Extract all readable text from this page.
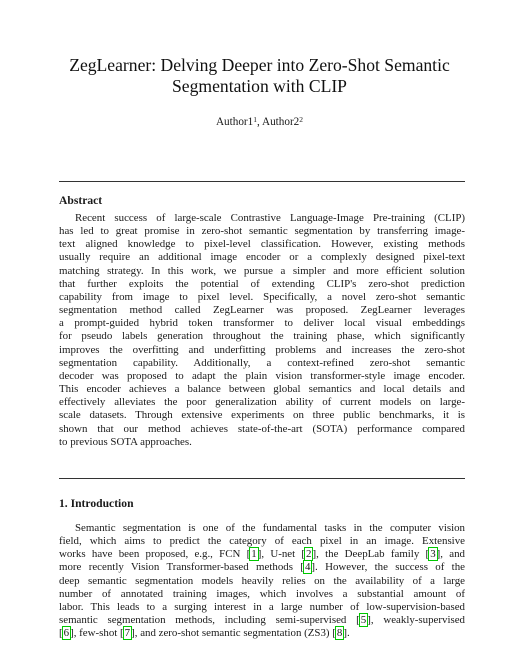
ZegLearner: Delving Deeper into Zero-Shot Semantic
Segmentation with CLIP
$Author1^1$, $Author2^2$
Abstract
Recent success of large-scale Contrastive Language-Image Pre-training (CLIP)
has led to great promise in zero-shot semantic segmentation by transferring image-
text aligned knowledge to pixel-level classification. However, existing methods
usually require an additional image encoder or a complexly designed pixel-text
matching strategy. In this work, we pursue a simpler and more efficient solution
that further exploits the potential of extending CLIP's zero-shot prediction
capability from image to pixel level. Specifically, a novel zero-shot semantic
segmentation method called ZegLearner was proposed. ZegLearner leverages
a prompt-guided hybrid token transformer to deliver local visual embeddings
for pseudo labels generation throughout the training phase, which significantly
improves the overfitting and underfitting problems and increases the zero-shot
segmentation capability. Additionally, a context-refined zero-shot semantic
decoder was proposed to adapt the plain vision transformer-style image encoder.
This encoder achieves a balance between global semantics and local details and
effectively alleviates the poor generalization ability of current models on large-
scale datasets. Through extensive experiments on three public benchmarks, it is
shown that our method achieves state-of-the-art (SOTA) performance compared
to previous SOTA approaches.
1. Introduction
Semantic segmentation is one of the fundamental tasks in the computer vision
field, which aims to predict the category of each pixel in an image. Extensive
works have been proposed, e.g., FCN [1], U-net [2], the DeepLab family [3], and
more recently Vision Transformer-based methods [4]. However, the success of the
deep semantic segmentation models heavily relies on the availability of a large
number of annotated training images, which involves a substantial amount of
labor. This leads to a surging interest in a large number of low-supervision-based
semantic segmentation methods, including semi-supervised [5], weakly-supervised
[6], few-shot [7], and zero-shot semantic segmentation (ZS3) [8].
